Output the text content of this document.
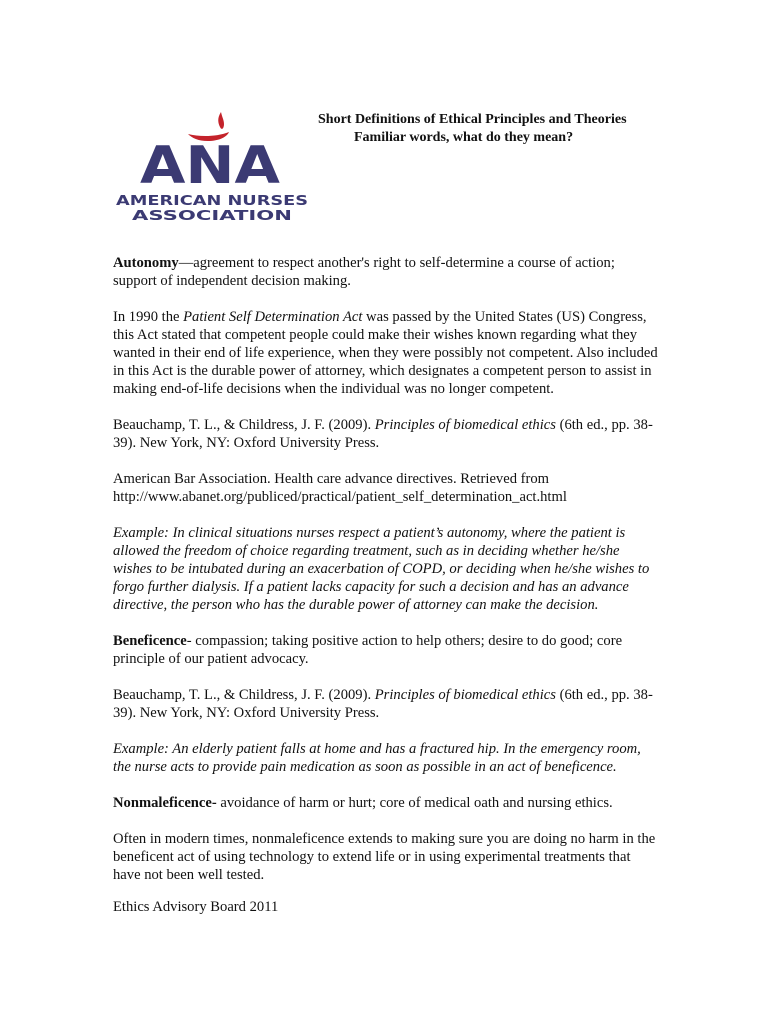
ANA
AMERICAN NURSES
ASSOCIATION
Short Definitions of Ethical Principles and Theories
Familiar words, what do they mean?

Autonomy—agreement to respect another's right to self-determine a course of action; support of independent decision making.

In 1990 the Patient Self Determination Act was passed by the United States (US) Congress, this Act stated that competent people could make their wishes known regarding what they wanted in their end of life experience, when they were possibly not competent. Also included in this Act is the durable power of attorney, which designates a competent person to assist in making end-of-life decisions when the individual was no longer competent.

Beauchamp, T. L., & Childress, J. F. (2009). Principles of biomedical ethics (6th ed., pp. 38-39). New York, NY: Oxford University Press.

American Bar Association. Health care advance directives. Retrieved from
http://www.abanet.org/publiced/practical/patient_self_determination_act.html

Example: In clinical situations nurses respect a patient’s autonomy, where the patient is allowed the freedom of choice regarding treatment, such as in deciding whether he/she wishes to be intubated during an exacerbation of COPD, or deciding when he/she wishes to forgo further dialysis. If a patient lacks capacity for such a decision and has an advance directive, the person who has the durable power of attorney can make the decision.

Beneficence- compassion; taking positive action to help others; desire to do good; core principle of our patient advocacy.

Beauchamp, T. L., & Childress, J. F. (2009). Principles of biomedical ethics (6th ed., pp. 38-39). New York, NY: Oxford University Press.

Example: An elderly patient falls at home and has a fractured hip. In the emergency room, the nurse acts to provide pain medication as soon as possible in an act of beneficence.

Nonmaleficence- avoidance of harm or hurt; core of medical oath and nursing ethics.

Often in modern times, nonmaleficence extends to making sure you are doing no harm in the beneficent act of using technology to extend life or in using experimental treatments that have not been well tested.

Ethics Advisory Board 2011
